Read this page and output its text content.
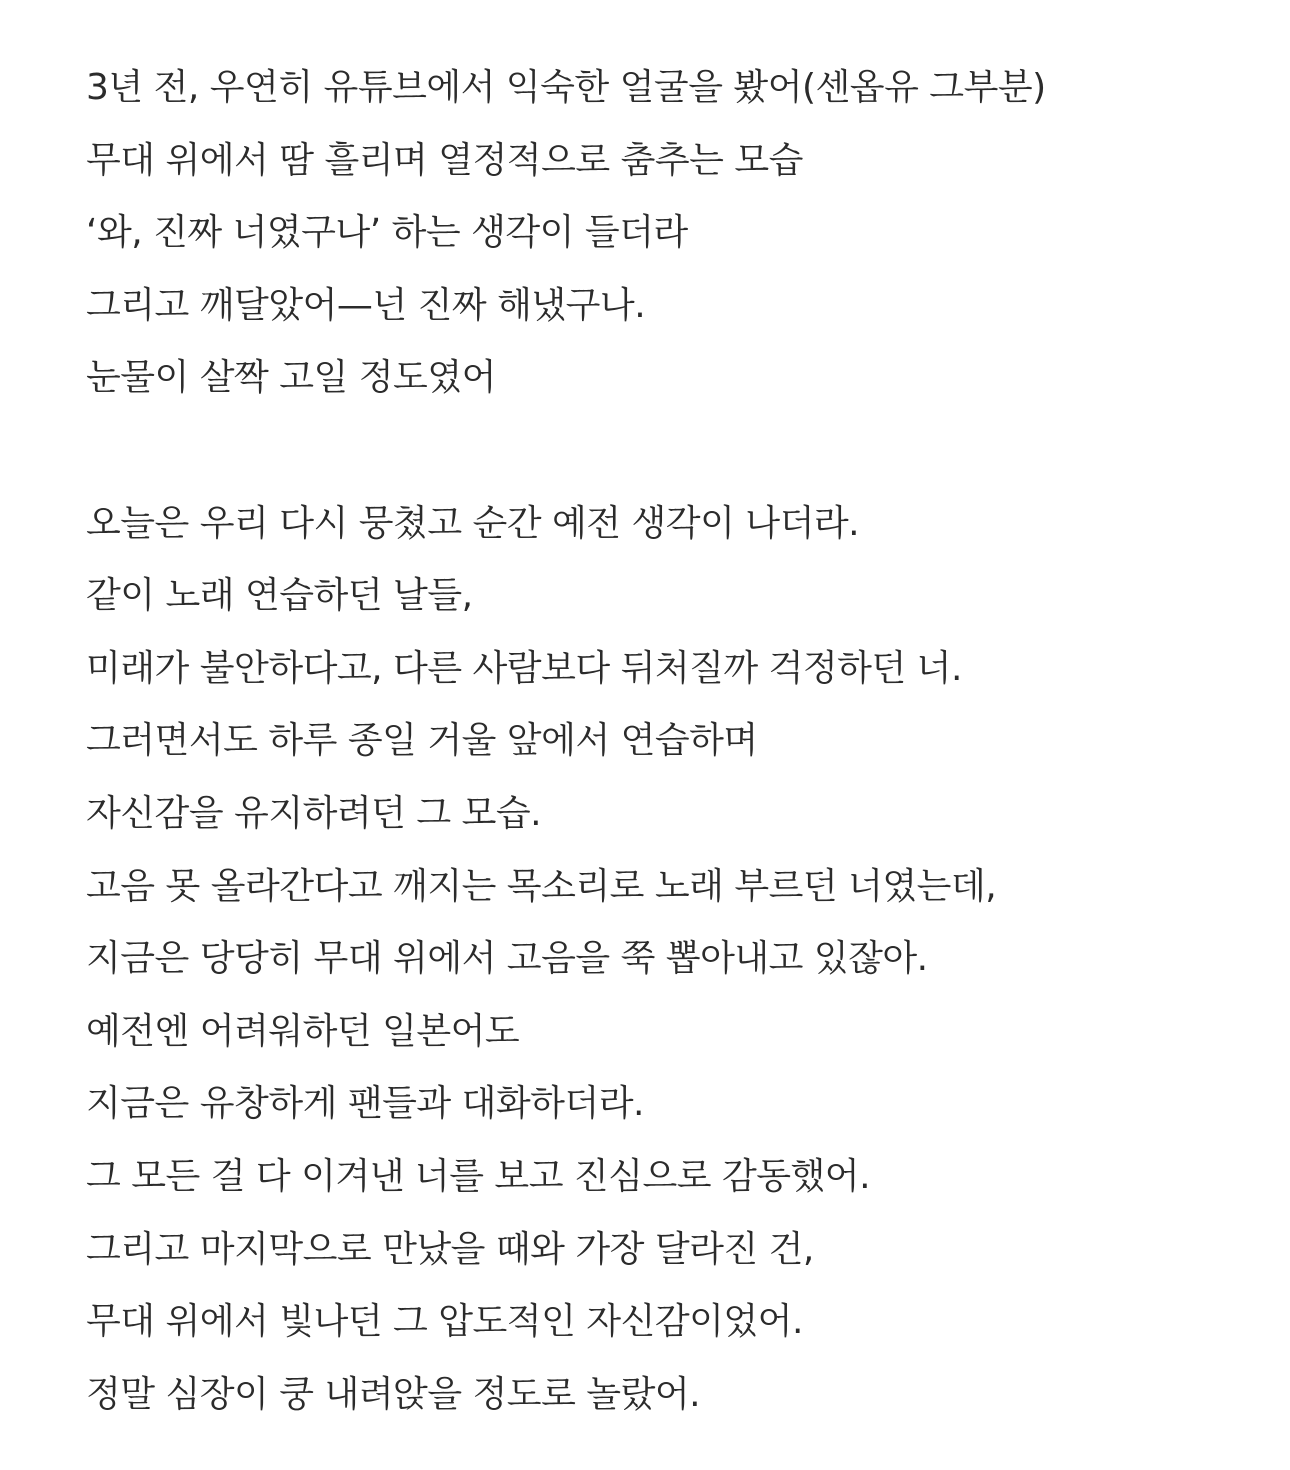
3년 전, 우연히 유튜브에서 익숙한 얼굴을 봤어(센옵유 그부분)
무대 위에서 땀 흘리며 열정적으로 춤추는 모습
‘와, 진짜 너였구나’ 하는 생각이 들더라
그리고 깨달았어—넌 진짜 해냈구나.
눈물이 살짝 고일 정도였어

오늘은 우리 다시 뭉쳤고 순간 예전 생각이 나더라.
같이 노래 연습하던 날들,
미래가 불안하다고, 다른 사람보다 뒤처질까 걱정하던 너.
그러면서도 하루 종일 거울 앞에서 연습하며
자신감을 유지하려던 그 모습.
고음 못 올라간다고 깨지는 목소리로 노래 부르던 너였는데,
지금은 당당히 무대 위에서 고음을 쭉 뽑아내고 있잖아.
예전엔 어려워하던 일본어도
지금은 유창하게 팬들과 대화하더라.
그 모든 걸 다 이겨낸 너를 보고 진심으로 감동했어.
그리고 마지막으로 만났을 때와 가장 달라진 건,
무대 위에서 빛나던 그 압도적인 자신감이었어.
정말 심장이 쿵 내려앉을 정도로 놀랐어.
